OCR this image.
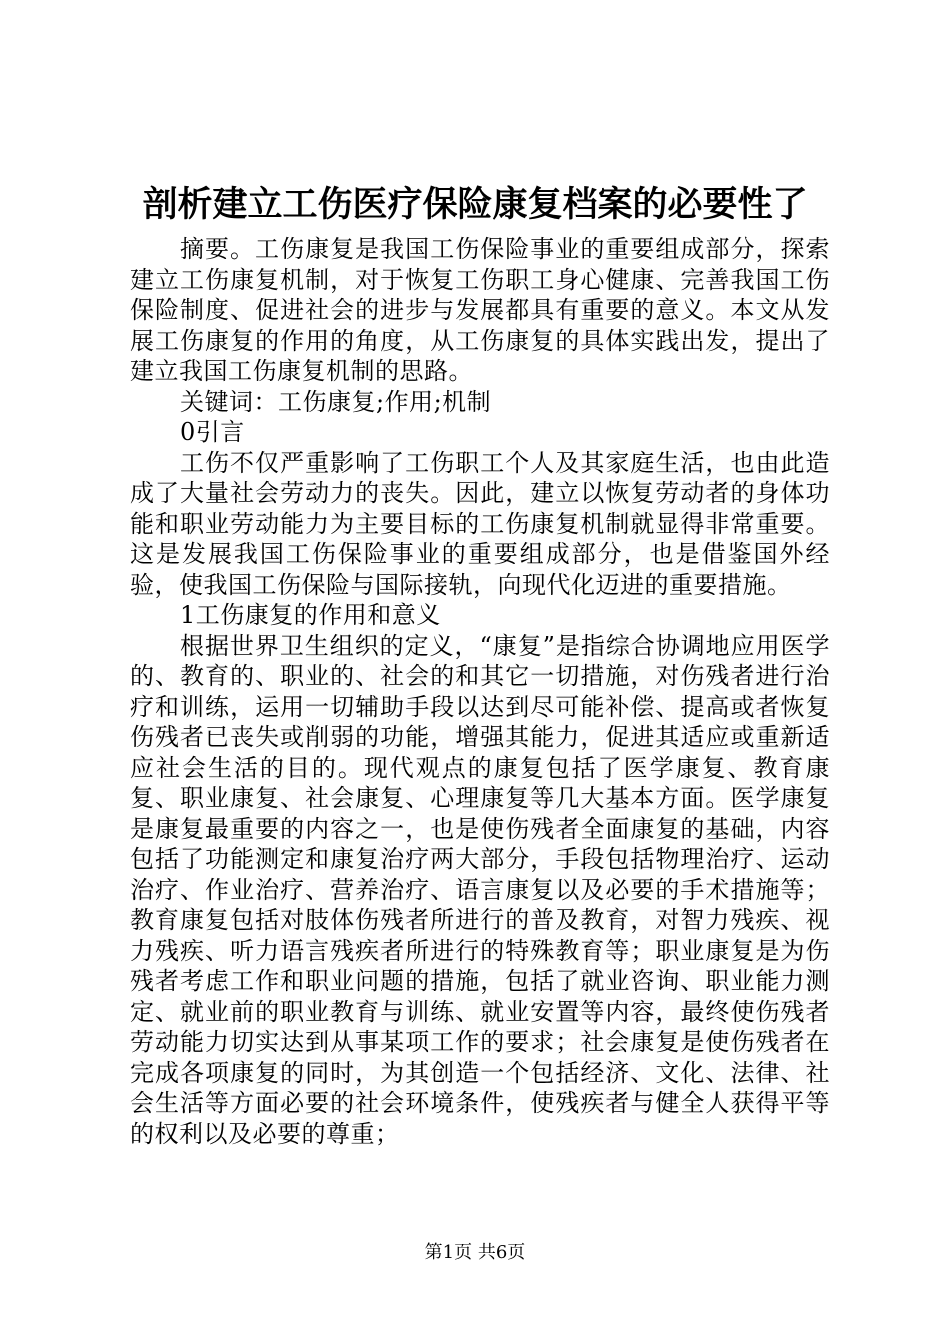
剖析建立工伤医疗保险康复档案的必要性了

摘要。工伤康复是我国工伤保险事业的重要组成部分，探索建立工伤康复机制，对于恢复工伤职工身心健康、完善我国工伤保险制度、促进社会的进步与发展都具有重要的意义。本文从发展工伤康复的作用的角度，从工伤康复的具体实践出发，提出了建立我国工伤康复机制的思路。

关键词：工伤康复;作用;机制

0引言

工伤不仅严重影响了工伤职工个人及其家庭生活，也由此造成了大量社会劳动力的丧失。因此，建立以恢复劳动者的身体功能和职业劳动能力为主要目标的工伤康复机制就显得非常重要。这是发展我国工伤保险事业的重要组成部分，也是借鉴国外经验，使我国工伤保险与国际接轨，向现代化迈进的重要措施。

1工伤康复的作用和意义

根据世界卫生组织的定义，“康复”是指综合协调地应用医学的、教育的、职业的、社会的和其它一切措施，对伤残者进行治疗和训练，运用一切辅助手段以达到尽可能补偿、提高或者恢复伤残者已丧失或削弱的功能，增强其能力，促进其适应或重新适应社会生活的目的。现代观点的康复包括了医学康复、教育康复、职业康复、社会康复、心理康复等几大基本方面。医学康复是康复最重要的内容之一，也是使伤残者全面康复的基础，内容包括了功能测定和康复治疗两大部分，手段包括物理治疗、运动治疗、作业治疗、营养治疗、语言康复以及必要的手术措施等；教育康复包括对肢体伤残者所进行的普及教育，对智力残疾、视力残疾、听力语言残疾者所进行的特殊教育等；职业康复是为伤残者考虑工作和职业问题的措施，包括了就业咨询、职业能力测定、就业前的职业教育与训练、就业安置等内容，最终使伤残者劳动能力切实达到从事某项工作的要求；社会康复是使伤残者在完成各项康复的同时，为其创造一个包括经济、文化、法律、社会生活等方面必要的社会环境条件，使残疾者与健全人获得平等的权利以及必要的尊重；

第1页 共6页
